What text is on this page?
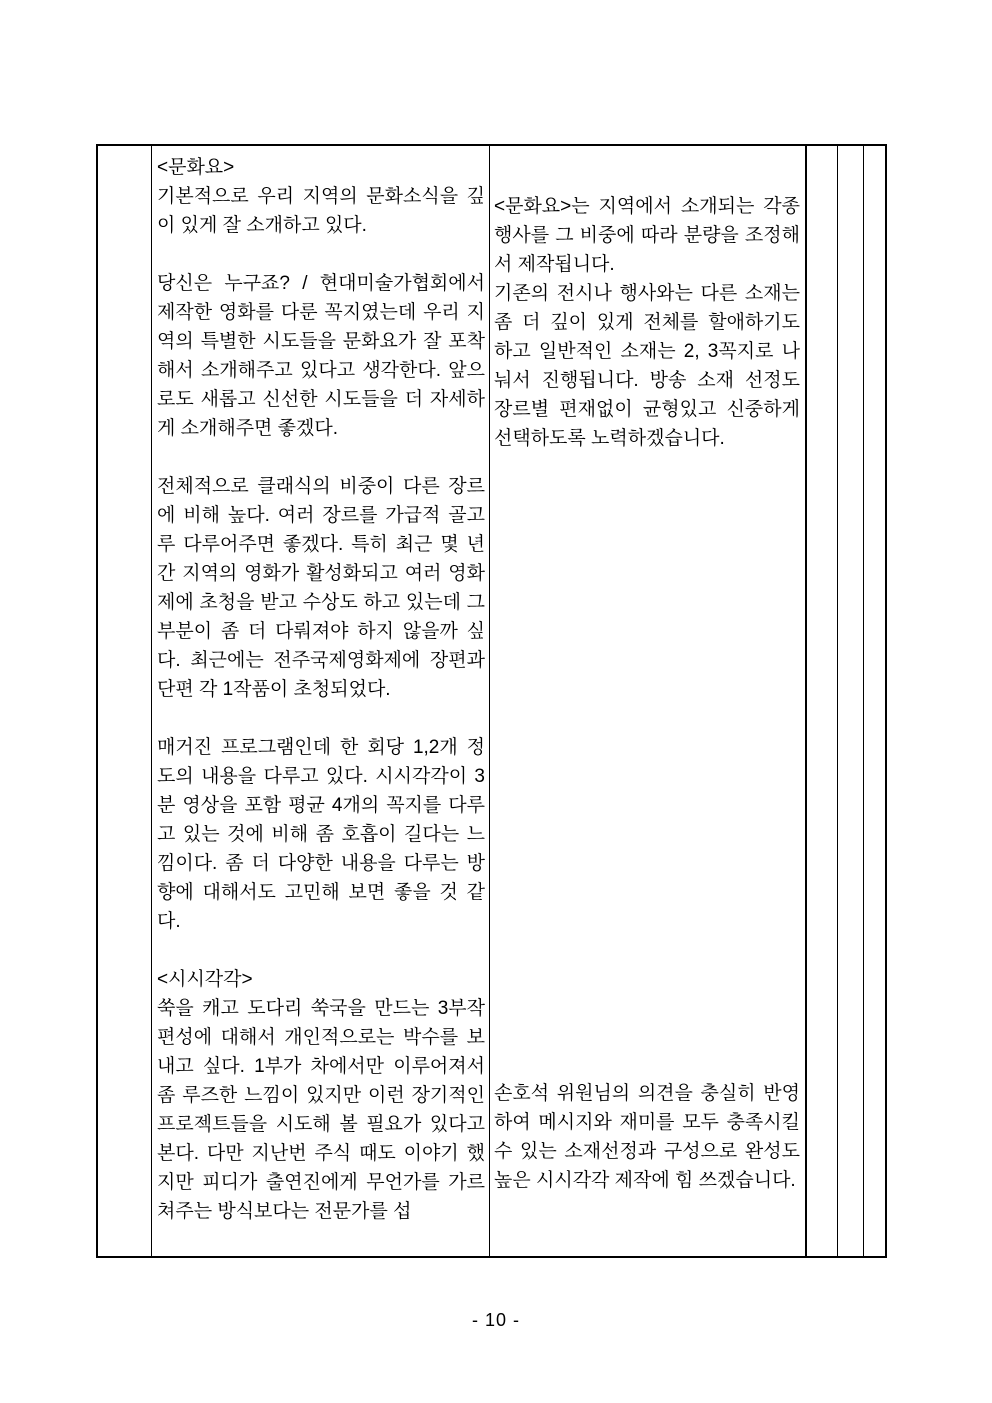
<문화요>
기본적으로 우리 지역의 문화소식을 깊이 있게 잘 소개하고 있다.
당신은 누구죠? / 현대미술가협회에서 제작한 영화를 다룬 꼭지였는데 우리 지역의 특별한 시도들을 문화요가 잘 포착해서 소개해주고 있다고 생각한다. 앞으로도 새롭고 신선한 시도들을 더 자세하게 소개해주면 좋겠다.
전체적으로 클래식의 비중이 다른 장르에 비해 높다. 여러 장르를 가급적 골고루 다루어주면 좋겠다. 특히 최근 몇 년간 지역의 영화가 활성화되고 여러 영화제에 초청을 받고 수상도 하고 있는데 그 부분이 좀 더 다뤄져야 하지 않을까 싶다. 최근에는 전주국제영화제에 장편과 단편 각 1작품이 초청되었다.
매거진 프로그램인데 한 회당 1,2개 정도의 내용을 다루고 있다. 시시각각이 3분 영상을 포함 평균 4개의 꼭지를 다루고 있는 것에 비해 좀 호흡이 길다는 느낌이다. 좀 더 다양한 내용을 다루는 방향에 대해서도 고민해 보면 좋을 것 같다.
<시시각각>
쑥을 캐고 도다리 쑥국을 만드는 3부작 편성에 대해서 개인적으로는 박수를 보내고 싶다. 1부가 차에서만 이루어져서 좀 루즈한 느낌이 있지만 이런 장기적인 프로젝트들을 시도해 볼 필요가 있다고 본다. 다만 지난번 주식 때도 이야기 했지만 피디가 출연진에게 무언가를 가르쳐주는 방식보다는 전문가를 섭
<문화요>는 지역에서 소개되는 각종 행사를 그 비중에 따라 분량을 조정해서 제작됩니다.
기존의 전시나 행사와는 다른 소재는 좀 더 깊이 있게 전체를 할애하기도 하고 일반적인 소재는 2, 3꼭지로 나눠서 진행됩니다. 방송 소재 선정도 장르별 편재없이 균형있고 신중하게 선택하도록 노력하겠습니다.
손호석 위원님의 의견을 충실히 반영하여 메시지와 재미를 모두 충족시킬 수 있는 소재선정과 구성으로 완성도 높은 시시각각 제작에 힘 쓰겠습니다.
- 10 -
